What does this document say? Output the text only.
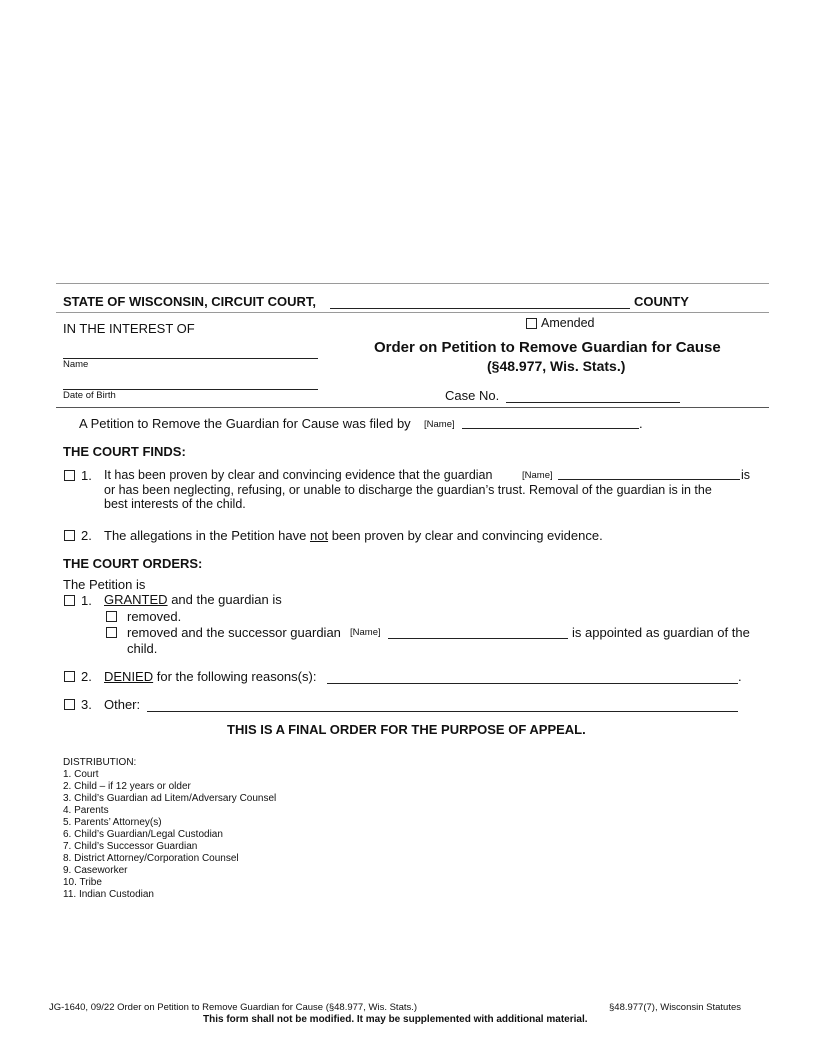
STATE OF WISCONSIN, CIRCUIT COURT,	COUNTY
IN THE INTEREST OF
Name
Date of Birth
Amended
Order on Petition to Remove Guardian for Cause
(§48.977, Wis. Stats.)
Case No.
A Petition to Remove the Guardian for Cause was filed by [Name]	.
THE COURT FINDS:
1. It has been proven by clear and convincing evidence that the guardian	[Name]	is
or has been neglecting, refusing, or unable to discharge the guardian’s trust. Removal of the guardian is in the
best interests of the child.
2. The allegations in the Petition have not been proven by clear and convincing evidence.
THE COURT ORDERS:
The Petition is
1. GRANTED and the guardian is
removed.
removed and the successor guardian [Name]	is appointed as guardian of the
child.
2. DENIED for the following reasons(s):	.
3. Other:
THIS IS A FINAL ORDER FOR THE PURPOSE OF APPEAL.
DISTRIBUTION:
1. Court
2. Child – if 12 years or older
3. Child’s Guardian ad Litem/Adversary Counsel
4. Parents
5. Parents’ Attorney(s)
6. Child’s Guardian/Legal Custodian
7. Child’s Successor Guardian
8. District Attorney/Corporation Counsel
9. Caseworker
10. Tribe
11. Indian Custodian
JG-1640, 09/22 Order on Petition to Remove Guardian for Cause (§48.977, Wis. Stats.)	§48.977(7), Wisconsin Statutes
This form shall not be modified. It may be supplemented with additional material.
